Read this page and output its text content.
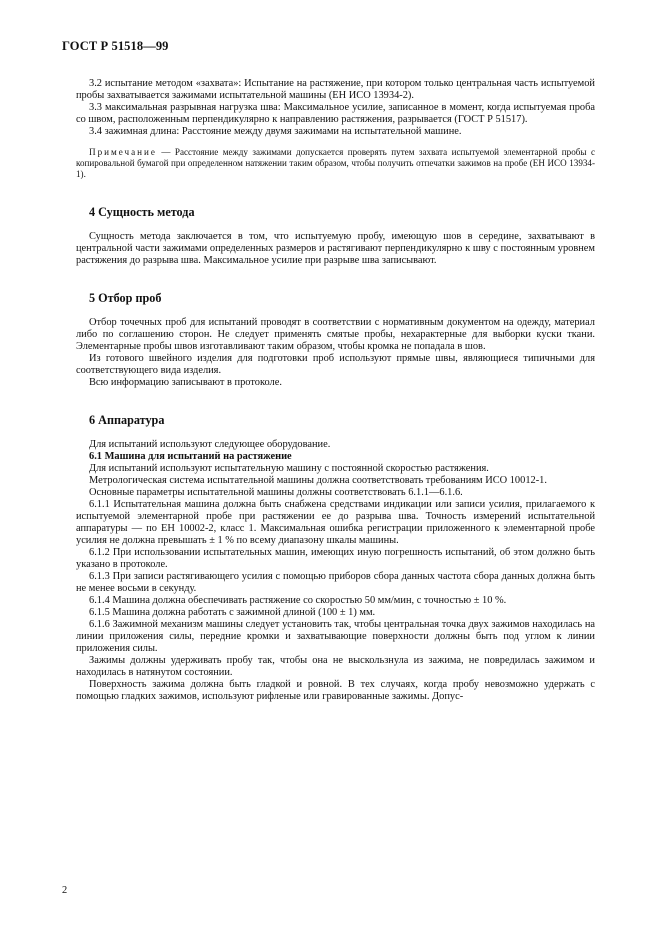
ГОСТ Р 51518—99

3.2 испытание методом «захвата»: Испытание на растяжение, при котором только центральная часть испытуемой пробы захватывается зажимами испытательной машины (ЕН ИСО 13934-2).

3.3 максимальная разрывная нагрузка шва: Максимальное усилие, записанное в момент, когда испытуемая проба со швом, расположенным перпендикулярно к направлению растяжения, разрывается (ГОСТ Р 51517).

3.4 зажимная длина: Расстояние между двумя зажимами на испытательной машине.

Примечание — Расстояние между зажимами допускается проверять путем захвата испытуемой элементарной пробы с копировальной бумагой при определенном натяжении таким образом, чтобы получить отпечатки зажимов на пробе (ЕН ИСО 13934-1).

4 Сущность метода

Сущность метода заключается в том, что испытуемую пробу, имеющую шов в середине, захватывают в центральной части зажимами определенных размеров и растягивают перпендикулярно к шву с постоянным уровнем растяжения до разрыва шва. Максимальное усилие при разрыве шва записывают.

5 Отбор проб

Отбор точечных проб для испытаний проводят в соответствии с нормативным документом на одежду, материал либо по соглашению сторон. Не следует применять смятые пробы, нехарактерные для выборки куски ткани. Элементарные пробы швов изготавливают таким образом, чтобы кромка не попадала в шов.

Из готового швейного изделия для подготовки проб используют прямые швы, являющиеся типичными для соответствующего вида изделия.

Всю информацию записывают в протоколе.

6 Аппаратура

Для испытаний используют следующее оборудование.

6.1 Машина для испытаний на растяжение

Для испытаний используют испытательную машину с постоянной скоростью растяжения.

Метрологическая система испытательной машины должна соответствовать требованиям ИСО 10012-1.

Основные параметры испытательной машины должны соответствовать 6.1.1—6.1.6.

6.1.1 Испытательная машина должна быть снабжена средствами индикации или записи усилия, прилагаемого к испытуемой элементарной пробе при растяжении ее до разрыва шва. Точность измерений испытательной аппаратуры — по ЕН 10002-2, класс 1. Максимальная ошибка регистрации приложенного к элементарной пробе усилия не должна превышать ± 1 % по всему диапазону шкалы машины.

6.1.2 При использовании испытательных машин, имеющих иную погрешность испытаний, об этом должно быть указано в протоколе.

6.1.3 При записи растягивающего усилия с помощью приборов сбора данных частота сбора данных должна быть не менее восьми в секунду.

6.1.4 Машина должна обеспечивать растяжение со скоростью 50 мм/мин, с точностью ± 10 %.

6.1.5 Машина должна работать с зажимной длиной (100 ± 1) мм.

6.1.6 Зажимной механизм машины следует установить так, чтобы центральная точка двух зажимов находилась на линии приложения силы, передние кромки и захватывающие поверхности должны быть под углом к линии приложения силы.

Зажимы должны удерживать пробу так, чтобы она не выскользнула из зажима, не повредилась зажимом и находилась в натянутом состоянии.

Поверхность зажима должна быть гладкой и ровной. В тех случаях, когда пробу невозможно удержать с помощью гладких зажимов, используют рифленые или гравированные зажимы. Допус-

2
